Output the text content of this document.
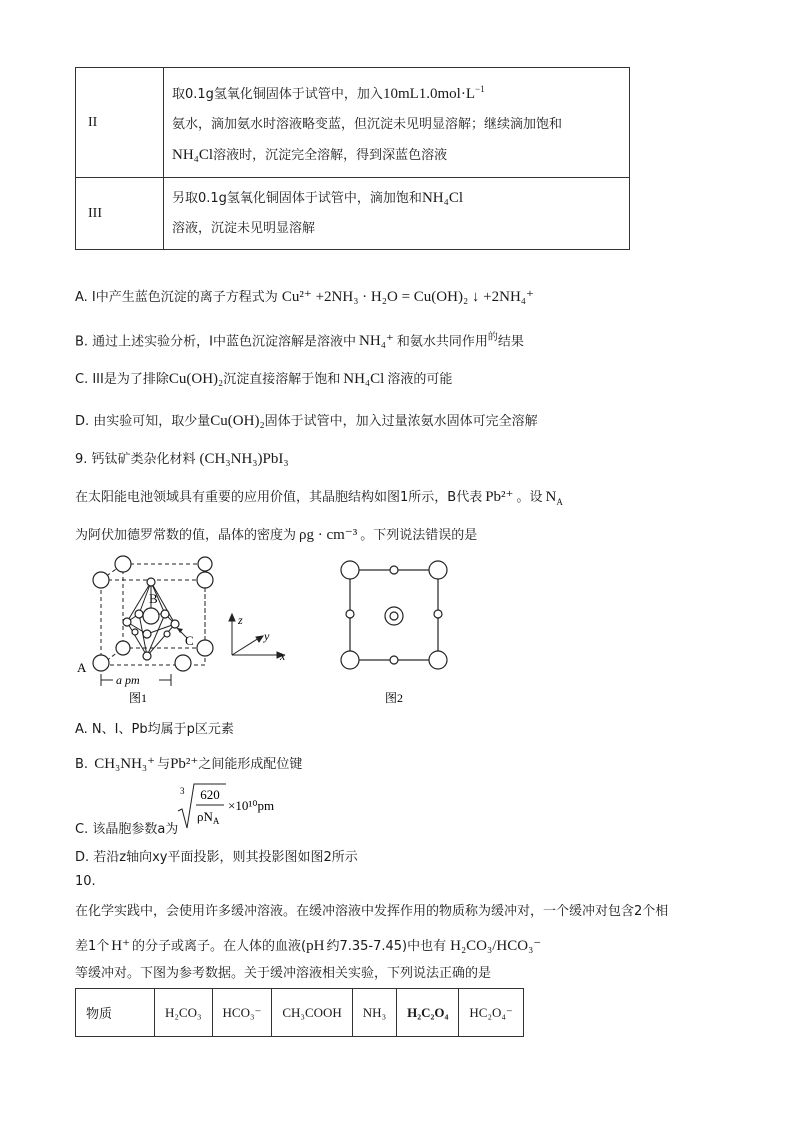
II	取0.1g氢氧化铜固体于试管中，加入$10mL1.0mol\cdot L^{-1}$
氨水，滴加氨水时溶液略变蓝，但沉淀未见明显溶解；继续滴加饱和
NH₄Cl溶液时，沉淀完全溶解，得到深蓝色溶液

III	另取0.1g氢氧化铜固体于试管中，滴加饱和NH₄Cl
溶液，沉淀未见明显溶解
A. I中产生蓝色沉淀的离子方程式为 Cu²⁺ +2NH₃ · H₂O = Cu(OH)₂ ↓ +2NH₄⁺
B. 通过上述实验分析，I中蓝色沉淀溶解是溶液中 NH₄⁺ 和氨水共同作用$^的$结果
C. III是为了排除Cu(OH)₂沉淀直接溶解于饱和 NH₄Cl 溶液的可能
D. 由实验可知，取少量Cu(OH)₂固体于试管中，加入过量浓氨水固体可完全溶解
9. 钙钛矿类杂化材料 (CH₃NH₃)PbI₃
在太阳能电池领域具有重要的应用价值，其晶胞结构如图1所示，B代表 Pb²⁺ 。设 $N_A$
为阿伏加德罗常数的值，晶体的密度为 ρg · cm⁻³ 。下列说法错误的是
B
C
A
a pm
图1
z
y
x
图2
A. N、I、Pb均属于p区元素
B. CH₃NH₃⁺ 与Pb²⁺之间能形成配位键
C. 该晶胞参数a为
3 620
$\rho N_A$
×10¹⁰pm
D. 若沿z轴向xy平面投影，则其投影图如图2所示
10.
在化学实践中，会使用许多缓冲溶液。在缓冲溶液中发挥作用的物质称为缓冲对，一个缓冲对包含2个相
差1个 H⁺ 的分子或离子。在人体的血液(pH 约7.35-7.45)中也有 H₂CO₃/HCO₃⁻
等缓冲对。下图为参考数据。关于缓冲溶液相关实验，下列说法正确的是
物质	H₂CO₃	HCO₃⁻	CH₃COOH	NH₃	H₂C₂O₄	HC₂O₄⁻
